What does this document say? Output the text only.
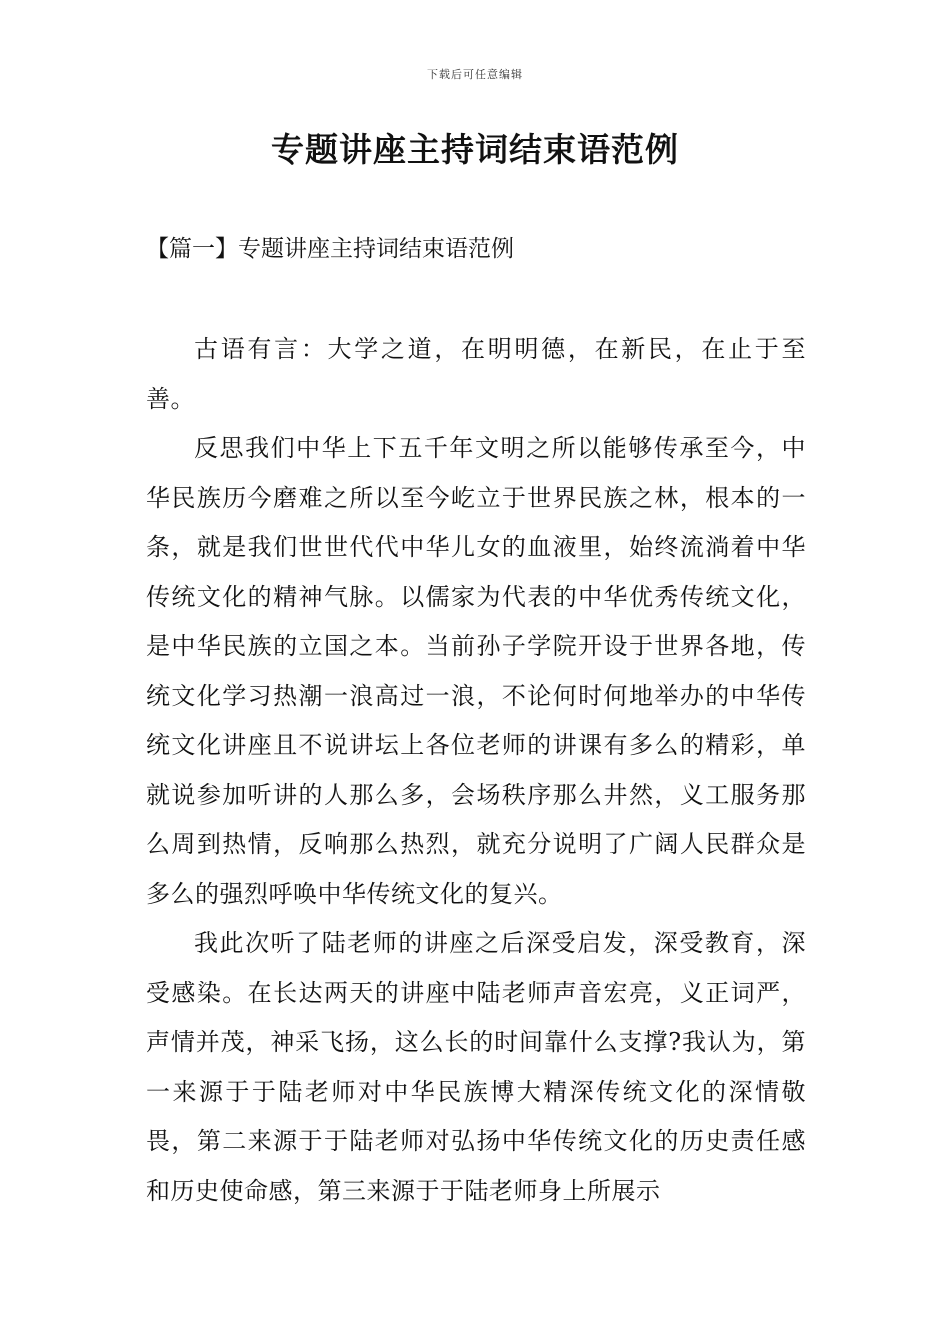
下载后可任意编辑
专题讲座主持词结束语范例
【篇一】专题讲座主持词结束语范例

古语有言：大学之道，在明明德，在新民，在止于至善。

反思我们中华上下五千年文明之所以能够传承至今，中华民族历今磨难之所以至今屹立于世界民族之林，根本的一条，就是我们世世代代中华儿女的血液里，始终流淌着中华传统文化的精神气脉。以儒家为代表的中华优秀传统文化，是中华民族的立国之本。当前孙子学院开设于世界各地，传统文化学习热潮一浪高过一浪，不论何时何地举办的中华传统文化讲座且不说讲坛上各位老师的讲课有多么的精彩，单就说参加听讲的人那么多，会场秩序那么井然，义工服务那么周到热情，反响那么热烈，就充分说明了广阔人民群众是多么的强烈呼唤中华传统文化的复兴。

我此次听了陆老师的讲座之后深受启发，深受教育，深受感染。在长达两天的讲座中陆老师声音宏亮，义正词严，声情并茂，神采飞扬，这么长的时间靠什么支撑?我认为，第一来源于于陆老师对中华民族博大精深传统文化的深情敬畏，第二来源于于陆老师对弘扬中华传统文化的历史责任感和历史使命感，第三来源于于陆老师身上所展示
